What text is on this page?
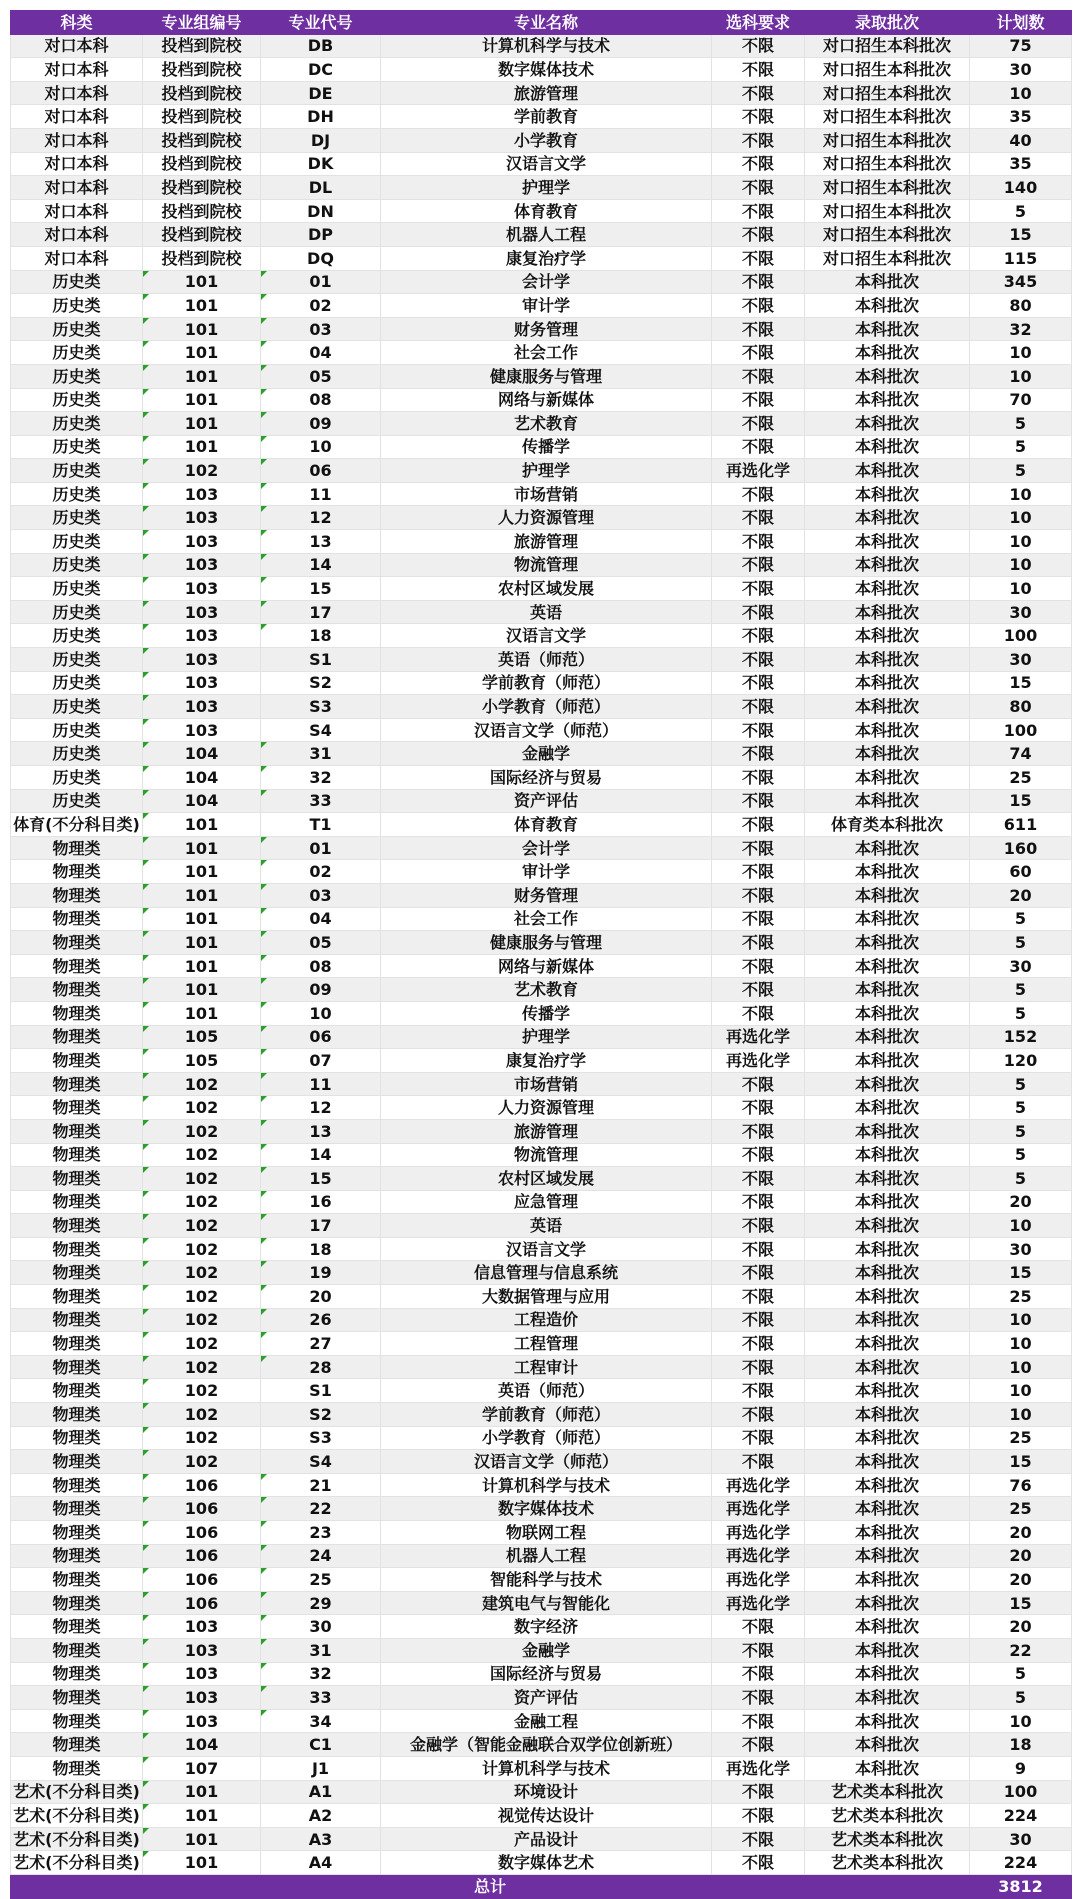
科类	专业组编号	专业代号	专业名称	选科要求	录取批次	计划数
对口本科	投档到院校	DB	计算机科学与技术	不限	对口招生本科批次	75
对口本科	投档到院校	DC	数字媒体技术	不限	对口招生本科批次	30
对口本科	投档到院校	DE	旅游管理	不限	对口招生本科批次	10
对口本科	投档到院校	DH	学前教育	不限	对口招生本科批次	35
对口本科	投档到院校	DJ	小学教育	不限	对口招生本科批次	40
对口本科	投档到院校	DK	汉语言文学	不限	对口招生本科批次	35
对口本科	投档到院校	DL	护理学	不限	对口招生本科批次	140
对口本科	投档到院校	DN	体育教育	不限	对口招生本科批次	5
对口本科	投档到院校	DP	机器人工程	不限	对口招生本科批次	15
对口本科	投档到院校	DQ	康复治疗学	不限	对口招生本科批次	115
历史类	101	01	会计学	不限	本科批次	345
历史类	101	02	审计学	不限	本科批次	80
历史类	101	03	财务管理	不限	本科批次	32
历史类	101	04	社会工作	不限	本科批次	10
历史类	101	05	健康服务与管理	不限	本科批次	10
历史类	101	08	网络与新媒体	不限	本科批次	70
历史类	101	09	艺术教育	不限	本科批次	5
历史类	101	10	传播学	不限	本科批次	5
历史类	102	06	护理学	再选化学	本科批次	5
历史类	103	11	市场营销	不限	本科批次	10
历史类	103	12	人力资源管理	不限	本科批次	10
历史类	103	13	旅游管理	不限	本科批次	10
历史类	103	14	物流管理	不限	本科批次	10
历史类	103	15	农村区域发展	不限	本科批次	10
历史类	103	17	英语	不限	本科批次	30
历史类	103	18	汉语言文学	不限	本科批次	100
历史类	103	S1	英语（师范）	不限	本科批次	30
历史类	103	S2	学前教育（师范）	不限	本科批次	15
历史类	103	S3	小学教育（师范）	不限	本科批次	80
历史类	103	S4	汉语言文学（师范）	不限	本科批次	100
历史类	104	31	金融学	不限	本科批次	74
历史类	104	32	国际经济与贸易	不限	本科批次	25
历史类	104	33	资产评估	不限	本科批次	15
体育(不分科目类)	101	T1	体育教育	不限	体育类本科批次	611
物理类	101	01	会计学	不限	本科批次	160
物理类	101	02	审计学	不限	本科批次	60
物理类	101	03	财务管理	不限	本科批次	20
物理类	101	04	社会工作	不限	本科批次	5
物理类	101	05	健康服务与管理	不限	本科批次	5
物理类	101	08	网络与新媒体	不限	本科批次	30
物理类	101	09	艺术教育	不限	本科批次	5
物理类	101	10	传播学	不限	本科批次	5
物理类	105	06	护理学	再选化学	本科批次	152
物理类	105	07	康复治疗学	再选化学	本科批次	120
物理类	102	11	市场营销	不限	本科批次	5
物理类	102	12	人力资源管理	不限	本科批次	5
物理类	102	13	旅游管理	不限	本科批次	5
物理类	102	14	物流管理	不限	本科批次	5
物理类	102	15	农村区域发展	不限	本科批次	5
物理类	102	16	应急管理	不限	本科批次	20
物理类	102	17	英语	不限	本科批次	10
物理类	102	18	汉语言文学	不限	本科批次	30
物理类	102	19	信息管理与信息系统	不限	本科批次	15
物理类	102	20	大数据管理与应用	不限	本科批次	25
物理类	102	26	工程造价	不限	本科批次	10
物理类	102	27	工程管理	不限	本科批次	10
物理类	102	28	工程审计	不限	本科批次	10
物理类	102	S1	英语（师范）	不限	本科批次	10
物理类	102	S2	学前教育（师范）	不限	本科批次	10
物理类	102	S3	小学教育（师范）	不限	本科批次	25
物理类	102	S4	汉语言文学（师范）	不限	本科批次	15
物理类	106	21	计算机科学与技术	再选化学	本科批次	76
物理类	106	22	数字媒体技术	再选化学	本科批次	25
物理类	106	23	物联网工程	再选化学	本科批次	20
物理类	106	24	机器人工程	再选化学	本科批次	20
物理类	106	25	智能科学与技术	再选化学	本科批次	20
物理类	106	29	建筑电气与智能化	再选化学	本科批次	15
物理类	103	30	数字经济	不限	本科批次	20
物理类	103	31	金融学	不限	本科批次	22
物理类	103	32	国际经济与贸易	不限	本科批次	5
物理类	103	33	资产评估	不限	本科批次	5
物理类	103	34	金融工程	不限	本科批次	10
物理类	104	C1	金融学（智能金融联合双学位创新班）	不限	本科批次	18
物理类	107	J1	计算机科学与技术	再选化学	本科批次	9
艺术(不分科目类)	101	A1	环境设计	不限	艺术类本科批次	100
艺术(不分科目类)	101	A2	视觉传达设计	不限	艺术类本科批次	224
艺术(不分科目类)	101	A3	产品设计	不限	艺术类本科批次	30
艺术(不分科目类)	101	A4	数字媒体艺术	不限	艺术类本科批次	224
总计						3812
